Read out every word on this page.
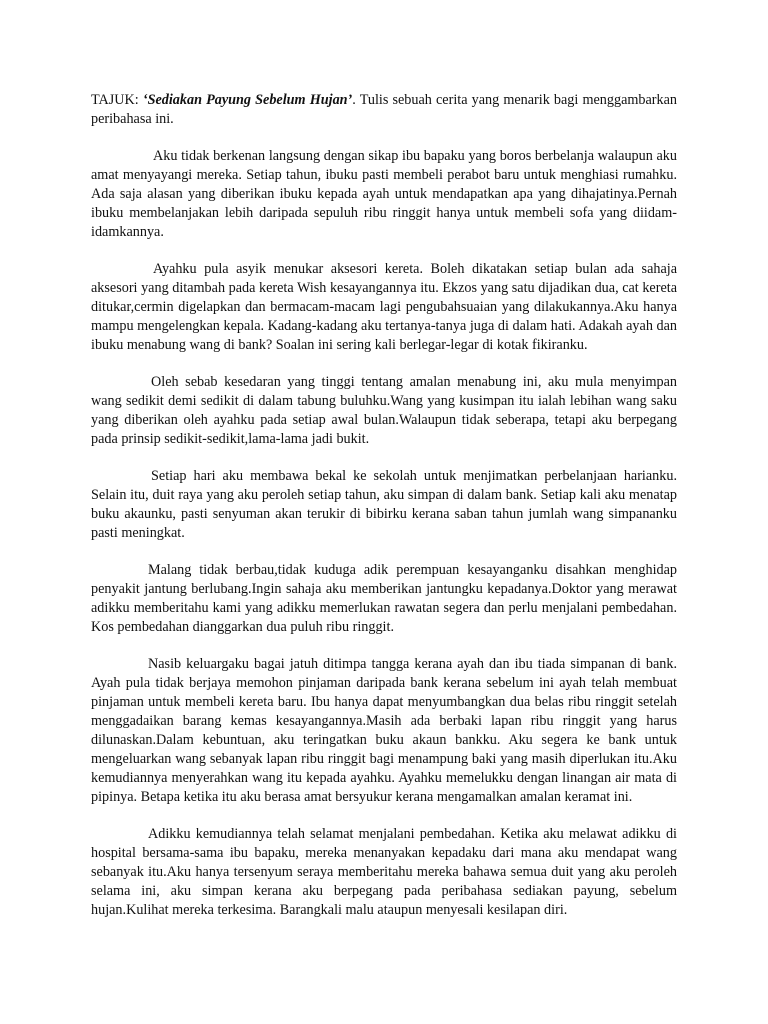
TAJUK: ‘Sediakan Payung Sebelum Hujan’. Tulis sebuah cerita yang menarik bagi menggambarkan peribahasa ini.

Aku tidak berkenan langsung dengan sikap ibu bapaku yang boros berbelanja walaupun aku amat menyayangi mereka. Setiap tahun, ibuku pasti membeli perabot baru untuk menghiasi rumahku. Ada saja alasan yang diberikan ibuku kepada ayah untuk mendapatkan apa yang dihajatinya.Pernah ibuku membelanjakan lebih daripada sepuluh ribu ringgit hanya untuk membeli sofa yang diidam-idamkannya.

Ayahku pula asyik menukar aksesori kereta. Boleh dikatakan setiap bulan ada sahaja aksesori yang ditambah pada kereta Wish kesayangannya itu. Ekzos yang satu dijadikan dua, cat kereta ditukar,cermin digelapkan dan bermacam-macam lagi pengubahsuaian yang dilakukannya.Aku hanya mampu mengelengkan kepala. Kadang-kadang aku tertanya-tanya juga di dalam hati. Adakah ayah dan ibuku menabung wang di bank? Soalan ini sering kali berlegar-legar di kotak fikiranku.

Oleh sebab kesedaran yang tinggi tentang amalan menabung ini, aku mula menyimpan wang sedikit demi sedikit di dalam tabung buluhku.Wang yang kusimpan itu ialah lebihan wang saku yang diberikan oleh ayahku pada setiap awal bulan.Walaupun tidak seberapa, tetapi aku berpegang pada prinsip sedikit-sedikit,lama-lama jadi bukit.

Setiap hari aku membawa bekal ke sekolah untuk menjimatkan perbelanjaan harianku. Selain itu, duit raya yang aku peroleh setiap tahun, aku simpan di dalam bank. Setiap kali aku menatap buku akaunku, pasti senyuman akan terukir di bibirku kerana saban tahun jumlah wang simpananku pasti meningkat.

Malang tidak berbau,tidak kuduga adik perempuan kesayanganku disahkan menghidap penyakit jantung berlubang.Ingin sahaja aku memberikan jantungku kepadanya.Doktor yang merawat adikku memberitahu kami yang adikku memerlukan rawatan segera dan perlu menjalani pembedahan. Kos pembedahan dianggarkan dua puluh ribu ringgit.

Nasib keluargaku bagai jatuh ditimpa tangga kerana ayah dan ibu tiada simpanan di bank. Ayah pula tidak berjaya memohon pinjaman daripada bank kerana sebelum ini ayah telah membuat pinjaman untuk membeli kereta baru. Ibu hanya dapat menyumbangkan dua belas ribu ringgit setelah menggadaikan barang kemas kesayangannya.Masih ada berbaki lapan ribu ringgit yang harus dilunaskan.Dalam kebuntuan, aku teringatkan buku akaun bankku. Aku segera ke bank untuk mengeluarkan wang sebanyak lapan ribu ringgit bagi menampung baki yang masih diperlukan itu.Aku kemudiannya menyerahkan wang itu kepada ayahku. Ayahku memelukku dengan linangan air mata di pipinya. Betapa ketika itu aku berasa amat bersyukur kerana mengamalkan amalan keramat ini.

Adikku kemudiannya telah selamat menjalani pembedahan. Ketika aku melawat adikku di hospital bersama-sama ibu bapaku, mereka menanyakan kepadaku dari mana aku mendapat wang sebanyak itu.Aku hanya tersenyum seraya memberitahu mereka bahawa semua duit yang aku peroleh selama ini, aku simpan kerana aku berpegang pada peribahasa sediakan payung, sebelum hujan.Kulihat mereka terkesima. Barangkali malu ataupun menyesali kesilapan diri.
